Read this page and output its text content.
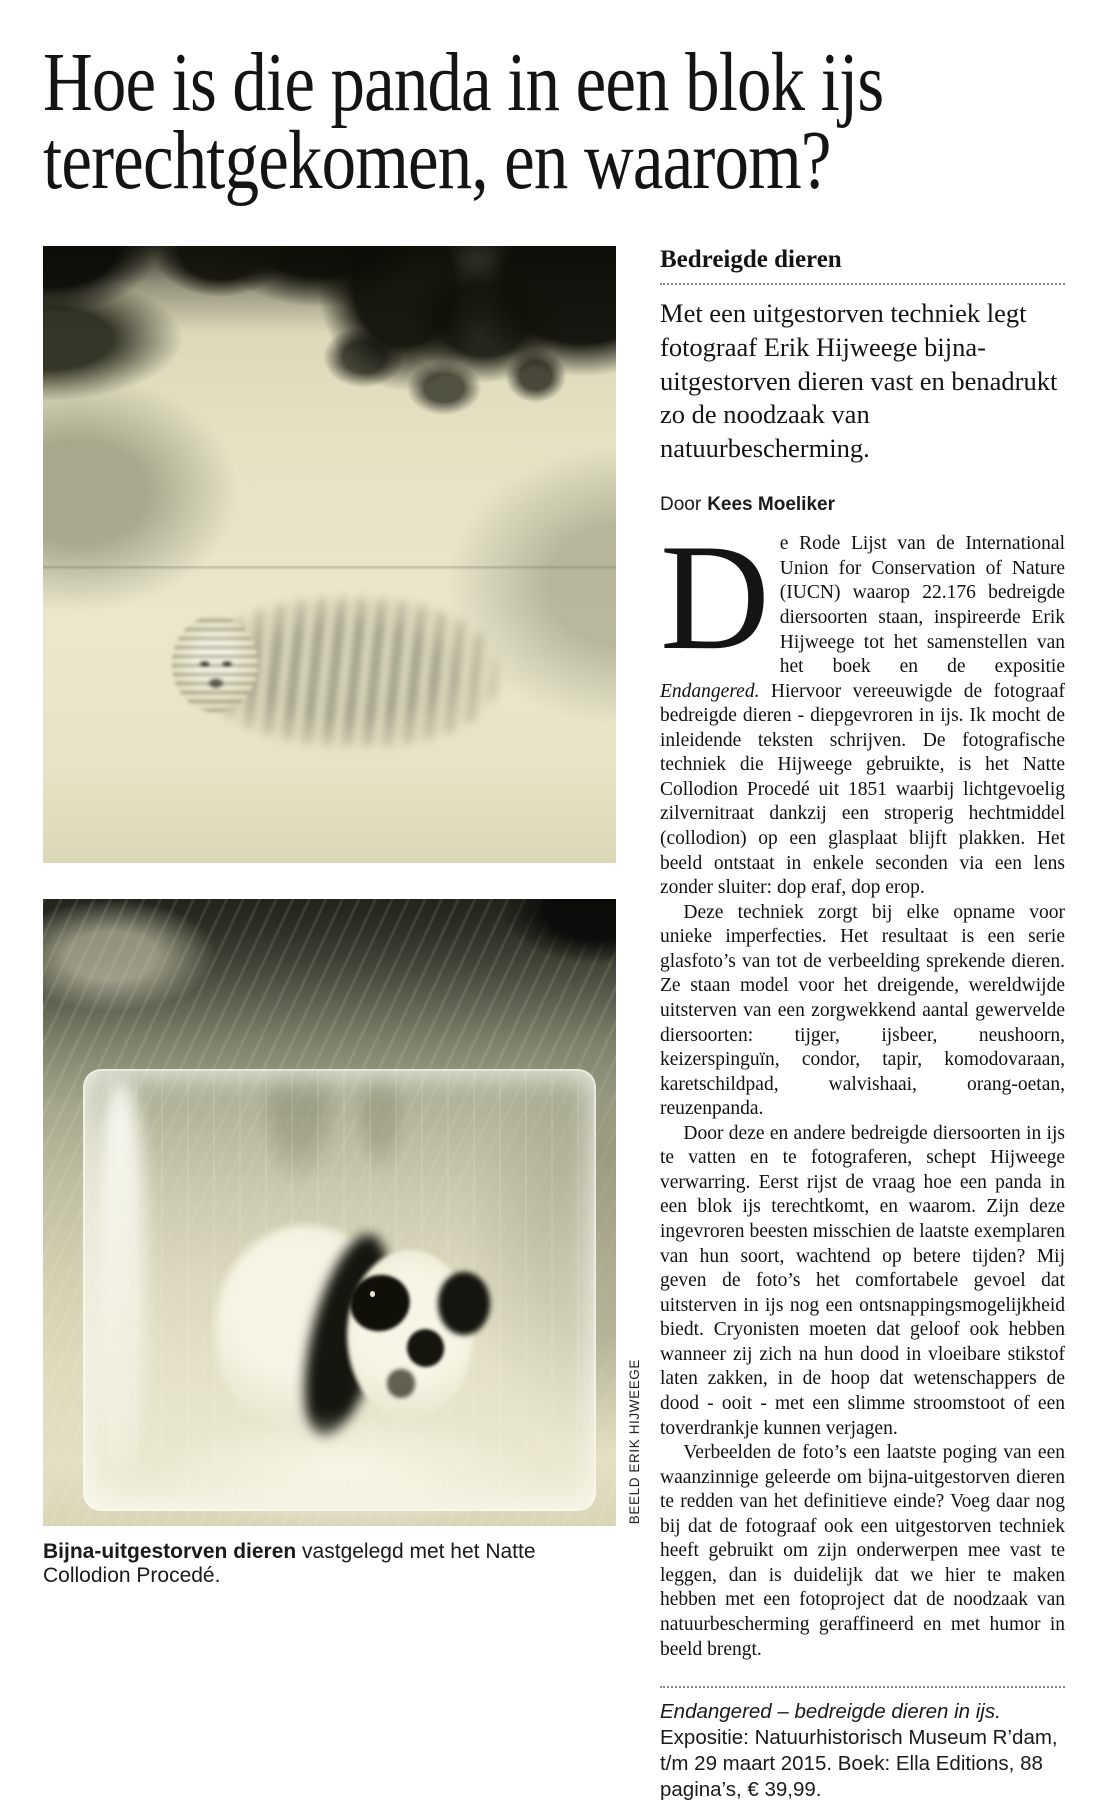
Hoe is die panda in een blok ijs
terechtgekomen, en waarom?
BEELD ERIK HIJWEEGE

Bijna-uitgestorven dieren vastgelegd met het Natte Collodion Procedé.

Bedreigde dieren

Met een uitgestorven techniek legt fotograaf Erik Hijweege bijna-uitgestorven dieren vast en benadrukt zo de noodzaak van natuurbescherming.

Door Kees Moeliker

De Rode Lijst van de International Union for Conservation of Nature (IUCN) waarop 22.176 bedreigde diersoorten staan, inspireerde Erik Hijweege tot het samenstellen van het boek en de expositie Endangered. Hiervoor vereeuwigde de fotograaf bedreigde dieren - diepgevroren in ijs. Ik mocht de inleidende teksten schrijven. De fotografische techniek die Hijweege gebruikte, is het Natte Collodion Procedé uit 1851 waarbij lichtgevoelig zilvernitraat dankzij een stroperig hechtmiddel (collodion) op een glasplaat blijft plakken. Het beeld ontstaat in enkele seconden via een lens zonder sluiter: dop eraf, dop erop.

Deze techniek zorgt bij elke opname voor unieke imperfecties. Het resultaat is een serie glasfoto’s van tot de verbeelding sprekende dieren. Ze staan model voor het dreigende, wereldwijde uitsterven van een zorgwekkend aantal gewervelde diersoorten: tijger, ijsbeer, neushoorn, keizerspinguïn, condor, tapir, komodovaraan, karetschildpad, walvishaai, orang-oetan, reuzenpanda.

Door deze en andere bedreigde diersoorten in ijs te vatten en te fotograferen, schept Hijweege verwarring. Eerst rijst de vraag hoe een panda in een blok ijs terechtkomt, en waarom. Zijn deze ingevroren beesten misschien de laatste exemplaren van hun soort, wachtend op betere tijden? Mij geven de foto’s het comfortabele gevoel dat uitsterven in ijs nog een ontsnappingsmogelijkheid biedt. Cryonisten moeten dat geloof ook hebben wanneer zij zich na hun dood in vloeibare stikstof laten zakken, in de hoop dat wetenschappers de dood - ooit - met een slimme stroomstoot of een toverdrankje kunnen verjagen.

Verbeelden de foto’s een laatste poging van een waanzinnige geleerde om bijna-uitgestorven dieren te redden van het definitieve einde? Voeg daar nog bij dat de fotograaf ook een uitgestorven techniek heeft gebruikt om zijn onderwerpen mee vast te leggen, dan is duidelijk dat we hier te maken hebben met een fotoproject dat de noodzaak van natuurbescherming geraffineerd en met humor in beeld brengt.

Endangered – bedreigde dieren in ijs. Expositie: Natuurhistorisch Museum R’dam, t/m 29 maart 2015. Boek: Ella Editions, 88 pagina’s, € 39,99.
